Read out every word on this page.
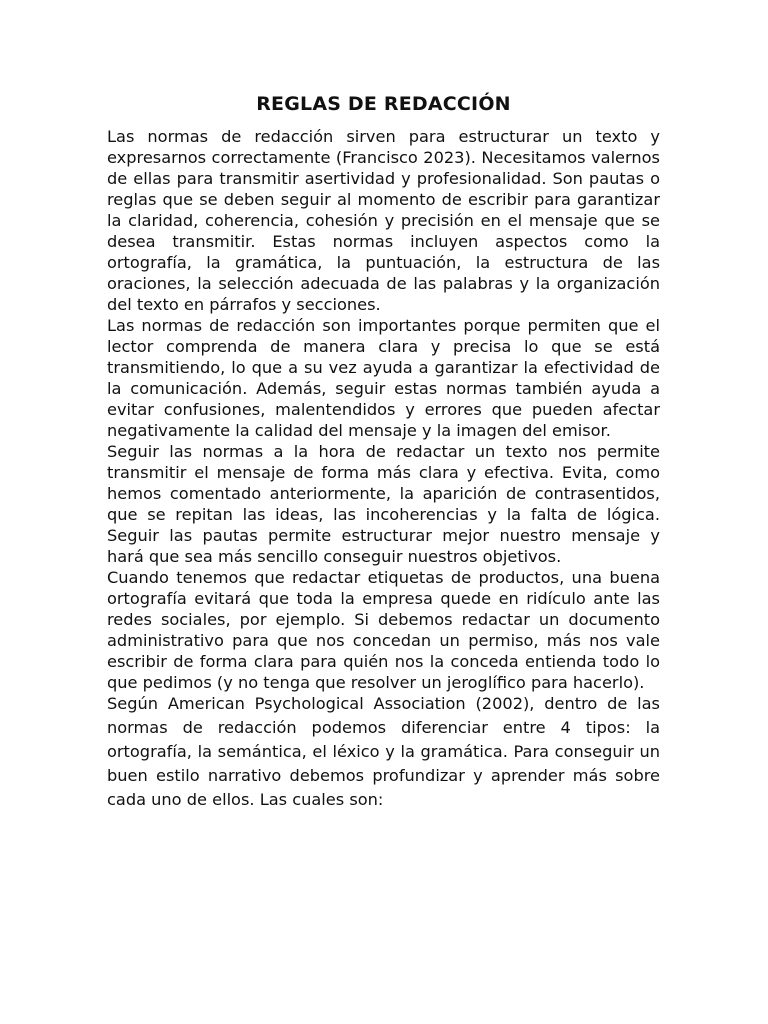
REGLAS DE REDACCIÓN

Las normas de redacción sirven para estructurar un texto y expresarnos correctamente (Francisco 2023). Necesitamos valernos de ellas para transmitir asertividad y profesionalidad. Son pautas o reglas que se deben seguir al momento de escribir para garantizar la claridad, coherencia, cohesión y precisión en el mensaje que se desea transmitir. Estas normas incluyen aspectos como la ortografía, la gramática, la puntuación, la estructura de las oraciones, la selección adecuada de las palabras y la organización del texto en párrafos y secciones.

Las normas de redacción son importantes porque permiten que el lector comprenda de manera clara y precisa lo que se está transmitiendo, lo que a su vez ayuda a garantizar la efectividad de la comunicación. Además, seguir estas normas también ayuda a evitar confusiones, malentendidos y errores que pueden afectar negativamente la calidad del mensaje y la imagen del emisor.

Seguir las normas a la hora de redactar un texto nos permite transmitir el mensaje de forma más clara y efectiva. Evita, como hemos comentado anteriormente, la aparición de contrasentidos, que se repitan las ideas, las incoherencias y la falta de lógica. Seguir las pautas permite estructurar mejor nuestro mensaje y hará que sea más sencillo conseguir nuestros objetivos.

Cuando tenemos que redactar etiquetas de productos, una buena ortografía evitará que toda la empresa quede en ridículo ante las redes sociales, por ejemplo. Si debemos redactar un documento administrativo para que nos concedan un permiso, más nos vale escribir de forma clara para quién nos la conceda entienda todo lo que pedimos (y no tenga que resolver un jeroglífico para hacerlo).

Según American Psychological Association (2002), dentro de las normas de redacción podemos diferenciar entre 4 tipos: la ortografía, la semántica, el léxico y la gramática. Para conseguir un buen estilo narrativo debemos profundizar y aprender más sobre cada uno de ellos. Las cuales son:
